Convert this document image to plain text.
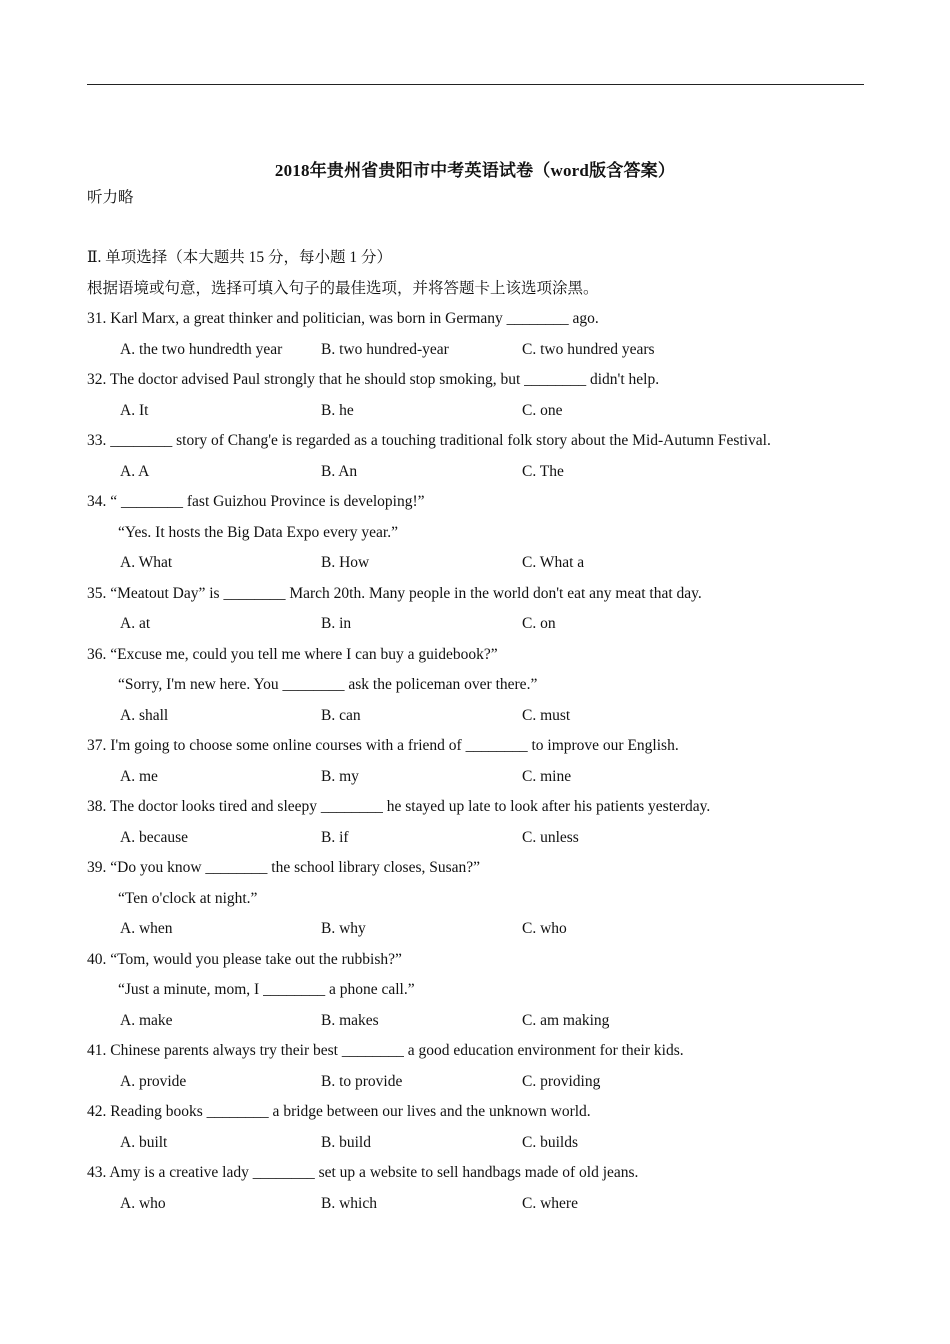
2018年贵州省贵阳市中考英语试卷（word版含答案）
听力略
Ⅱ. 单项选择（本大题共 15 分，每小题 1 分）
根据语境或句意，选择可填入句子的最佳选项，并将答题卡上该选项涂黑。
31. Karl Marx, a great thinker and politician, was born in Germany ________ ago.
A. the two hundredth year B. two hundred-year	C. two hundred years
32. The doctor advised Paul strongly that he should stop smoking, but ________ didn't help.
A. It	B. he	C. one
33. ________ story of Chang'e is regarded as a touching traditional folk story about the Mid-Autumn Festival.
A. A	B. An	C. The
34. “ ________ fast Guizhou Province is developing!”
“Yes. It hosts the Big Data Expo every year.”
A. What	B. How	C. What a
35. “Meatout Day” is ________ March 20th. Many people in the world don't eat any meat that day.
A. at	B. in	C. on
36. “Excuse me, could you tell me where I can buy a guidebook?”
“Sorry, I'm new here. You ________ ask the policeman over there.”
A. shall	B. can	C. must
37. I'm going to choose some online courses with a friend of ________ to improve our English.
A. me	B. my	C. mine
38. The doctor looks tired and sleepy ________ he stayed up late to look after his patients yesterday.
A. because	B. if	C. unless
39. “Do you know ________ the school library closes, Susan?”
“Ten o'clock at night.”
A. when	B. why	C. who
40. “Tom, would you please take out the rubbish?”
“Just a minute, mom, I ________ a phone call.”
A. make	B. makes	C. am making
41. Chinese parents always try their best ________ a good education environment for their kids.
A. provide	B. to provide	C. providing
42. Reading books ________ a bridge between our lives and the unknown world.
A. built	B. build	C. builds
43. Amy is a creative lady ________ set up a website to sell handbags made of old jeans.
A. who	B. which	C. where
